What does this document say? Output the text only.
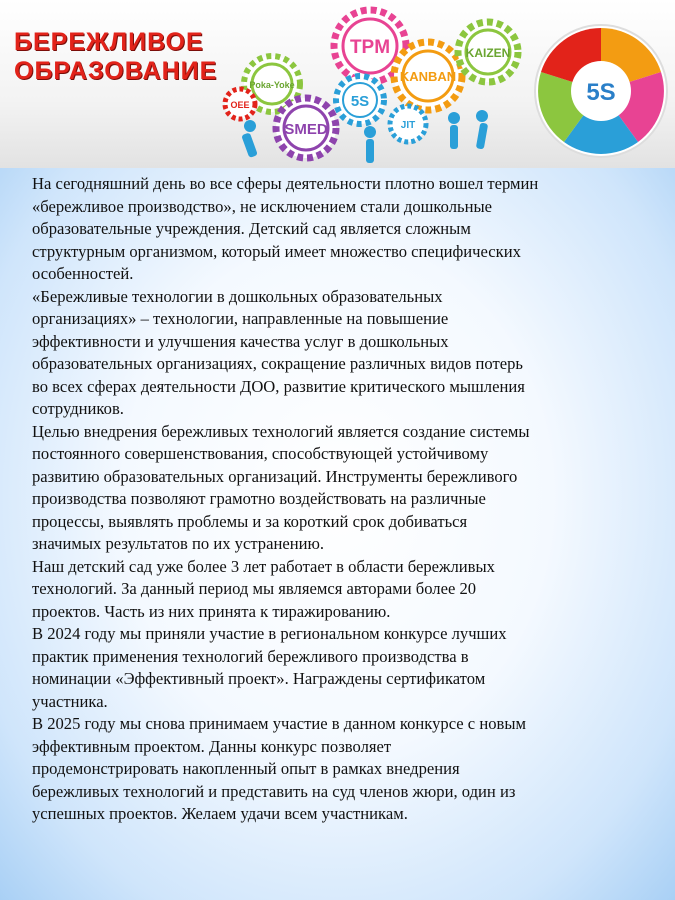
БЕРЕЖЛИВОЕ
ОБРАЗОВАНИЕ
TPM
KANBAN
KAIZEN
Poka-Yoke
5S
OEE
SMED	JIT
5S

На сегодняшний день во все сферы деятельности плотно вошел термин
«бережливое производство», не исключением стали дошкольные
образовательные учреждения. Детский сад является сложным
структурным организмом, который имеет множество специфических
особенностей.

«Бережливые технологии в дошкольных образовательных
организациях» – технологии, направленные на повышение
эффективности и улучшения качества услуг в дошкольных
образовательных организациях, сокращение различных видов потерь
во всех сферах деятельности ДОО, развитие критического мышления
сотрудников.

Целью внедрения бережливых технологий является создание системы
постоянного совершенствования, способствующей устойчивому
развитию образовательных организаций. Инструменты бережливого
производства позволяют грамотно воздействовать на различные
процессы, выявлять проблемы и за короткий срок добиваться
значимых результатов по их устранению.

Наш детский сад уже более 3 лет работает в области бережливых
технологий. За данный период мы являемся авторами более 20
проектов. Часть из них принята к тиражированию.

В 2024 году мы приняли участие в региональном конкурсе лучших
практик применения технологий бережливого производства в
номинации «Эффективный проект». Награждены сертификатом
участника.

В 2025 году мы снова принимаем участие в данном конкурсе с новым
эффективным проектом. Данны конкурс позволяет
продемонстрировать накопленный опыт в рамках внедрения
бережливых технологий и представить на суд членов жюри, один из
успешных проектов. Желаем удачи всем участникам.
